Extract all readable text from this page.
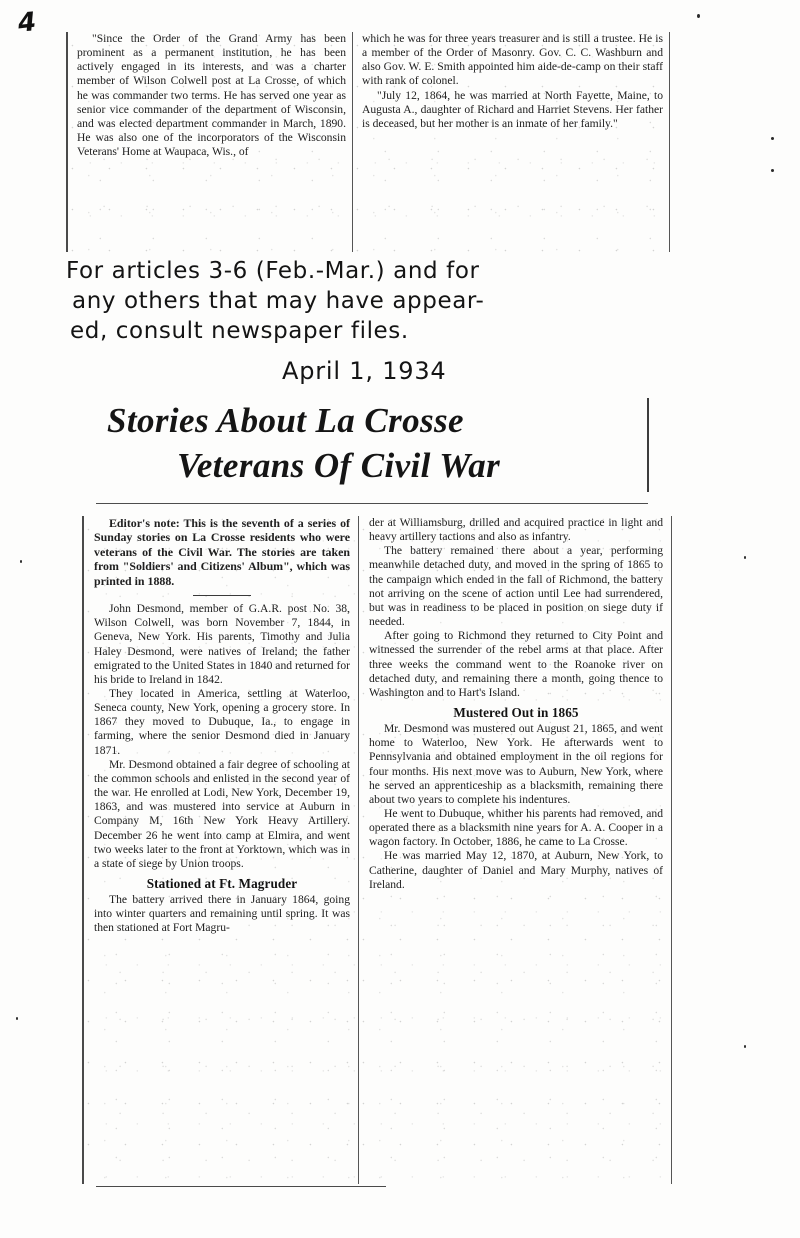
4	"Since the Order of the Grand Army has been prominent as a permanent institution, he has been actively engaged in its interests, and was a charter member of Wilson Colwell post at La Crosse, of which he was commander two terms. He has served one year as senior vice commander of the department of Wisconsin, and was elected department commander in March, 1890. He was also one of the incorporators of the Wisconsin Veterans' Home at Waupaca, Wis., of

which he was for three years treasurer and is still a trustee. He is a member of the Order of Masonry. Gov. C. C. Washburn and also Gov. W. E. Smith appointed him aide-de-camp on their staff with rank of colonel.

"July 12, 1864, he was married at North Fayette, Maine, to Augusta A., daughter of Richard and Harriet Stevens. Her father is deceased, but her mother is an inmate of her family."

For articles 3-6 (Feb.-Mar.) and for
any others that may have appear-
ed, consult newspaper files.
April 1, 1934
Stories About La Crosse
Veterans Of Civil War

Editor's note: This is the seventh of a series of Sunday stories on La Crosse residents who were veterans of the Civil War. The stories are taken from "Soldiers' and Citizens' Album", which was printed in 1888.

John Desmond, member of G.A.R. post No. 38, Wilson Colwell, was born November 7, 1844, in Geneva, New York. His parents, Timothy and Julia Haley Desmond, were natives of Ireland; the father emigrated to the United States in 1840 and returned for his bride to Ireland in 1842.

They located in America, settling at Waterloo, Seneca county, New York, opening a grocery store. In 1867 they moved to Dubuque, Ia., to engage in farming, where the senior Desmond died in January 1871.

Mr. Desmond obtained a fair degree of schooling at the common schools and enlisted in the second year of the war. He enrolled at Lodi, New York, December 19, 1863, and was mustered into service at Auburn in Company M, 16th New York Heavy Artillery. December 26 he went into camp at Elmira, and went two weeks later to the front at Yorktown, which was in a state of siege by Union troops.

Stationed at Ft. Magruder

The battery arrived there in January 1864, going into winter quarters and remaining until spring. It was then stationed at Fort Magru-

der at Williamsburg, drilled and acquired practice in light and heavy artillery tactions and also as infantry.

The battery remained there about a year, performing meanwhile detached duty, and moved in the spring of 1865 to the campaign which ended in the fall of Richmond, the battery not arriving on the scene of action until Lee had surrendered, but was in readiness to be placed in position on siege duty if needed.

After going to Richmond they returned to City Point and witnessed the surrender of the rebel arms at that place. After three weeks the command went to the Roanoke river on detached duty, and remaining there a month, going thence to Washington and to Hart's Island.

Mustered Out in 1865

Mr. Desmond was mustered out August 21, 1865, and went home to Waterloo, New York. He afterwards went to Pennsylvania and obtained employment in the oil regions for four months. His next move was to Auburn, New York, where he served an apprenticeship as a blacksmith, remaining there about two years to complete his indentures.

He went to Dubuque, whither his parents had removed, and operated there as a blacksmith nine years for A. A. Cooper in a wagon factory. In October, 1886, he came to La Crosse.

He was married May 12, 1870, at Auburn, New York, to Catherine, daughter of Daniel and Mary Murphy, natives of Ireland.
